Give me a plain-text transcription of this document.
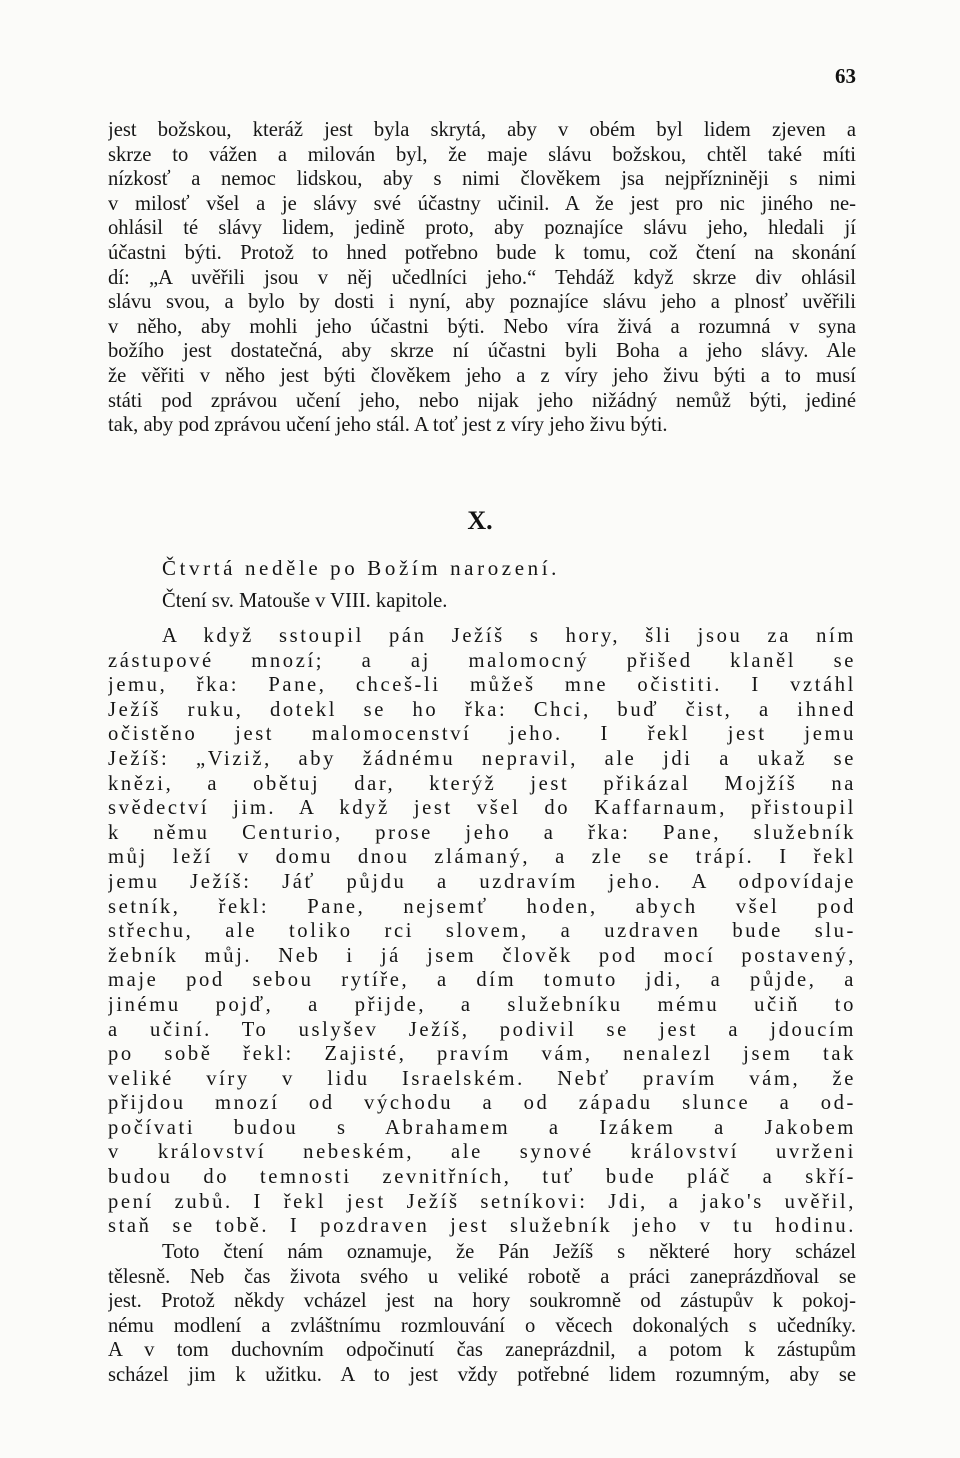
63
jest božskou, kteráž jest byla skrytá, aby v obém byl lidem zjeven a
skrze to vážen a milován byl, že maje slávu božskou, chtěl také míti
nízkosť a nemoc lidskou, aby s nimi člověkem jsa nejpřízniněji s nimi
v milosť všel a je slávy své účastny učinil. A že jest pro nic jiného ne-
ohlásil té slávy lidem, jedině proto, aby poznajíce slávu jeho, hledali jí
účastni býti. Protož to hned potřebno bude k tomu, což čtení na skonání
dí: „A uvěřili jsou v něj učedlníci jeho.“ Tehdáž když skrze div ohlásil
slávu svou, a bylo by dosti i nyní, aby poznajíce slávu jeho a plnosť uvěřili
v něho, aby mohli jeho účastni býti. Nebo víra živá a rozumná v syna
božího jest dostatečná, aby skrze ní účastni byli Boha a jeho slávy. Ale
že věřiti v něho jest býti člověkem jeho a z víry jeho živu býti a to musí
státi pod zprávou učení jeho, nebo nijak jeho nižádný nemůž býti, jediné
tak, aby pod zprávou učení jeho stál. A toť jest z víry jeho živu býti.
X.
Čtvrtá neděle po Božím narození.
Čtení sv. Matouše v VIII. kapitole.
A když sstoupil pán Ježíš s hory, šli jsou za ním
zástupové mnozí; a aj malomocný přišed klaněl se
jemu, řka: Pane, chceš-li můžeš mne očistiti. I vztáhl
Ježíš ruku, dotekl se ho řka: Chci, buď čist, a ihned
očistěno jest malomocenství jeho. I řekl jest jemu
Ježíš: „Viziž, aby žádnému nepravil, ale jdi a ukaž se
knězi, a obětuj dar, kterýž jest přikázal Mojžíš na
svědectví jim. A když jest všel do Kaffarnaum, přistoupil
k němu Centurio, prose jeho a řka: Pane, služebník
můj leží v domu dnou zlámaný, a zle se trápí. I řekl
jemu Ježíš: Jáť půjdu a uzdravím jeho. A odpovídaje
setník, řekl: Pane, nejsemť hoden, abych všel pod
střechu, ale toliko rci slovem, a uzdraven bude slu-
žebník můj. Neb i já jsem člověk pod mocí postavený,
maje pod sebou rytíře, a dím tomuto jdi, a půjde, a
jinému pojď, a přijde, a služebníku mému učiň to
a učiní. To uslyšev Ježíš, podivil se jest a jdoucím
po sobě řekl: Zajisté, pravím vám, nenalezl jsem tak
veliké víry v lidu Israelském. Nebť pravím vám, že
přijdou mnozí od východu a od západu slunce a od-
počívati budou s Abrahamem a Izákem a Jakobem
v království nebeském, ale synové království uvrženi
budou do temnosti zevnitřních, tuť bude pláč a skří-
pení zubů. I řekl jest Ježíš setníkovi: Jdi, a jako's uvěřil,
staň se tobě. I pozdraven jest služebník jeho v tu hodinu.
Toto čtení nám oznamuje, že Pán Ježíš s některé hory scházel
tělesně. Neb čas života svého u veliké robotě a práci zaneprázdňoval se
jest. Protož někdy vcházel jest na hory soukromně od zástupův k pokoj-
nému modlení a zvláštnímu rozmlouvání o věcech dokonalých s učedníky.
A v tom duchovním odpočinutí čas zaneprázdnil, a potom k zástupům
scházel jim k užitku. A to jest vždy potřebné lidem rozumným, aby se
